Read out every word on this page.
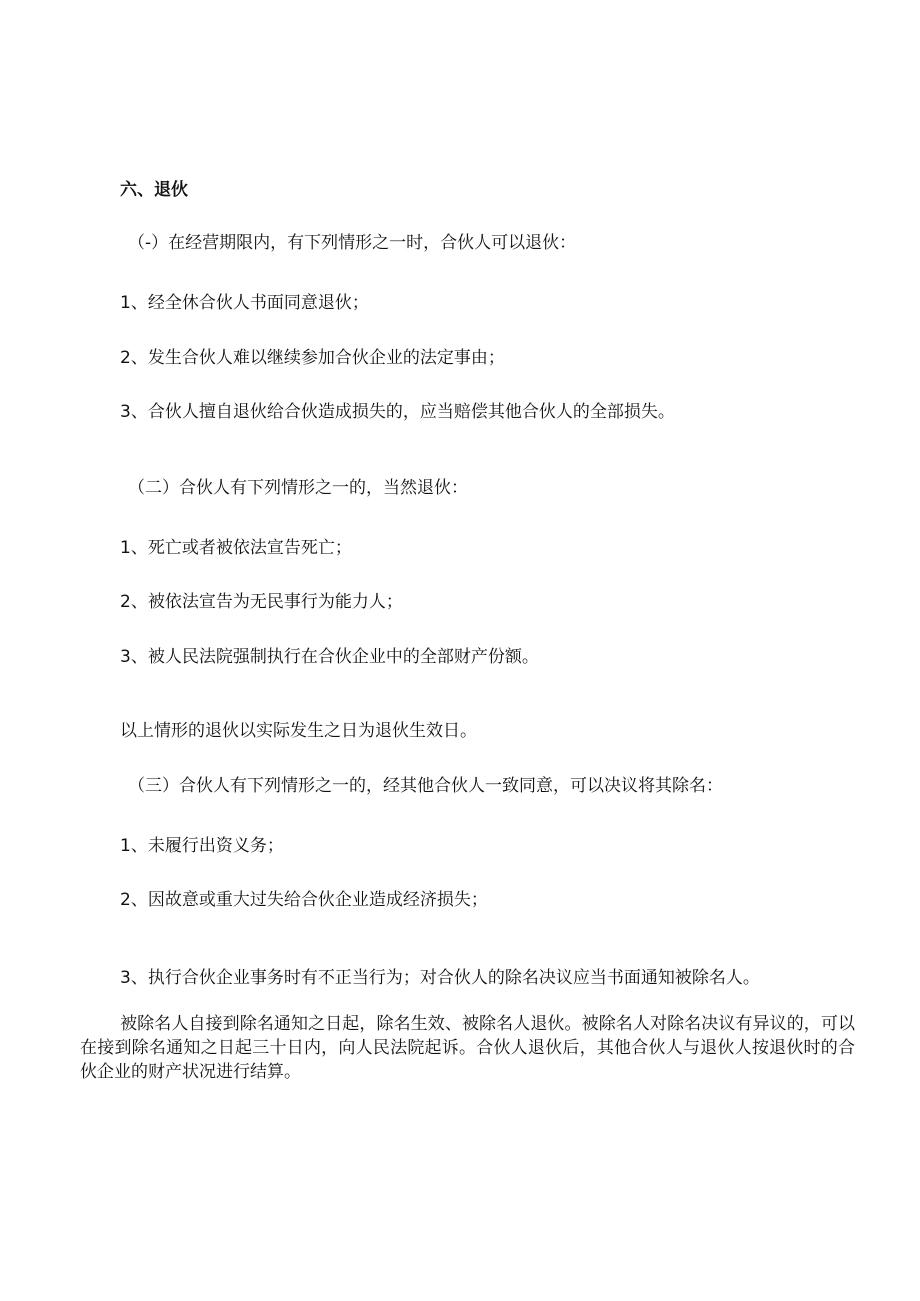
六、退伙
（-）在经营期限内，有下列情形之一时，合伙人可以退伙：
1、经全休合伙人书面同意退伙；
2、发生合伙人难以继续参加合伙企业的法定事由；
3、合伙人擅自退伙给合伙造成损失的，应当赔偿其他合伙人的全部损失。
（二）合伙人有下列情形之一的，当然退伙：
1、死亡或者被依法宣告死亡；
2、被依法宣告为无民事行为能力人；
3、被人民法院强制执行在合伙企业中的全部财产份额。
以上情形的退伙以实际发生之日为退伙生效日。
（三）合伙人有下列情形之一的，经其他合伙人一致同意，可以决议将其除名：
1、未履行出资义务；
2、因故意或重大过失给合伙企业造成经济损失；
3、执行合伙企业事务时有不正当行为；对合伙人的除名决议应当书面通知被除名人。
被除名人自接到除名通知之日起，除名生效、被除名人退伙。被除名人对除名决议有异议的，可以在接到除名通知之日起三十日内，向人民法院起诉。合伙人退伙后，其他合伙人与退伙人按退伙时的合伙企业的财产状况进行结算。
